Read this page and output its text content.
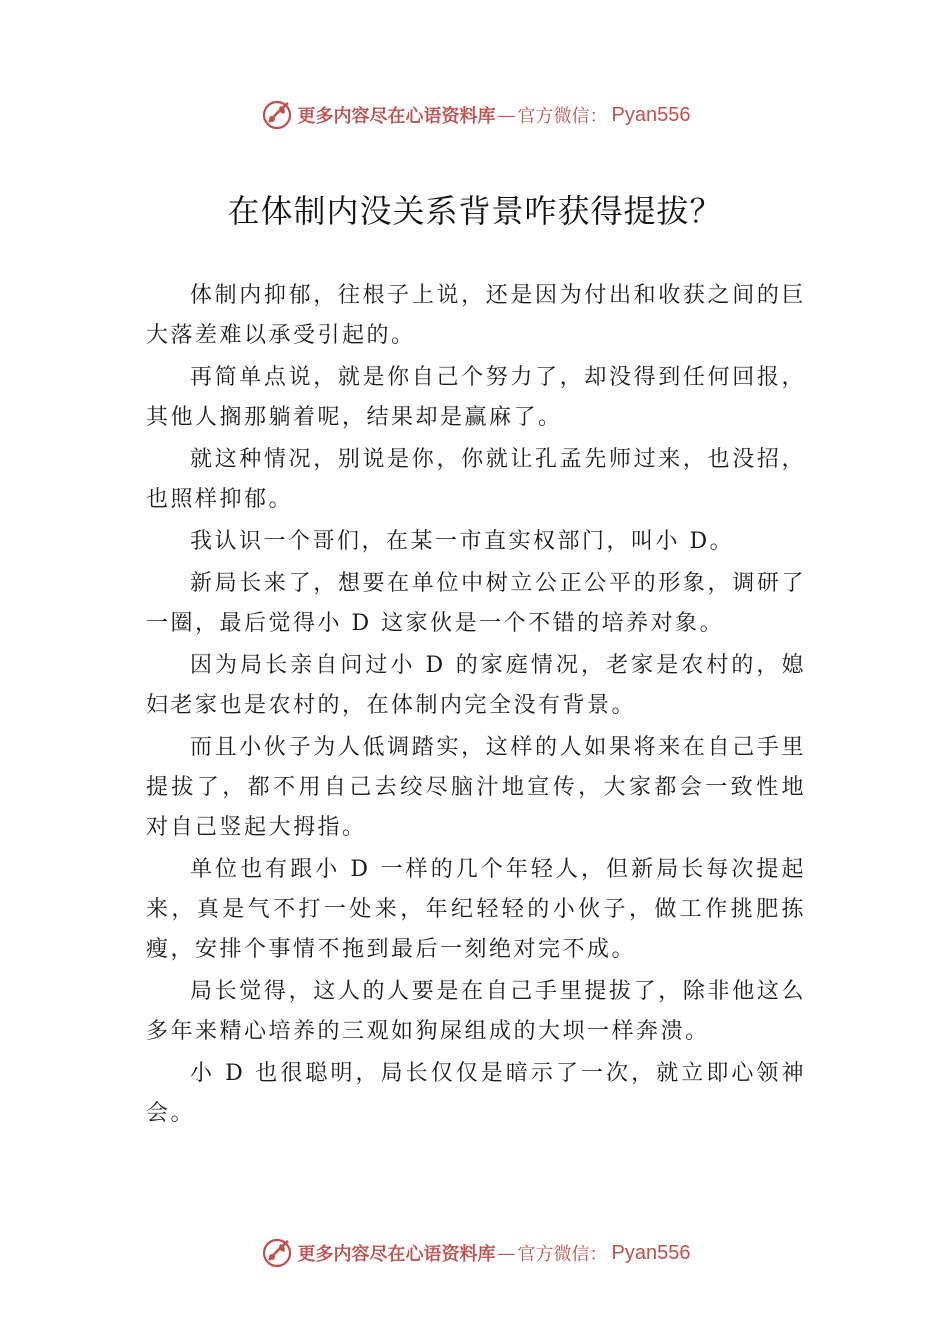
更多内容尽在心语资料库 — 官方微信： Pyan556
在体制内没关系背景咋获得提拔？

体制内抑郁，往根子上说，还是因为付出和收获之间的巨大落差难以承受引起的。

再简单点说，就是你自己个努力了，却没得到任何回报，其他人搁那躺着呢，结果却是赢麻了。

就这种情况，别说是你，你就让孔孟先师过来，也没招，也照样抑郁。

我认识一个哥们，在某一市直实权部门，叫小 D。

新局长来了，想要在单位中树立公正公平的形象，调研了一圈，最后觉得小 D 这家伙是一个不错的培养对象。

因为局长亲自问过小 D 的家庭情况，老家是农村的，媳妇老家也是农村的，在体制内完全没有背景。

而且小伙子为人低调踏实，这样的人如果将来在自己手里提拔了，都不用自己去绞尽脑汁地宣传，大家都会一致性地对自己竖起大拇指。

单位也有跟小 D 一样的几个年轻人，但新局长每次提起来，真是气不打一处来，年纪轻轻的小伙子，做工作挑肥拣瘦，安排个事情不拖到最后一刻绝对完不成。

局长觉得，这人的人要是在自己手里提拔了，除非他这么多年来精心培养的三观如狗屎组成的大坝一样奔溃。

小 D 也很聪明，局长仅仅是暗示了一次，就立即心领神会。

更多内容尽在心语资料库 — 官方微信： Pyan556
